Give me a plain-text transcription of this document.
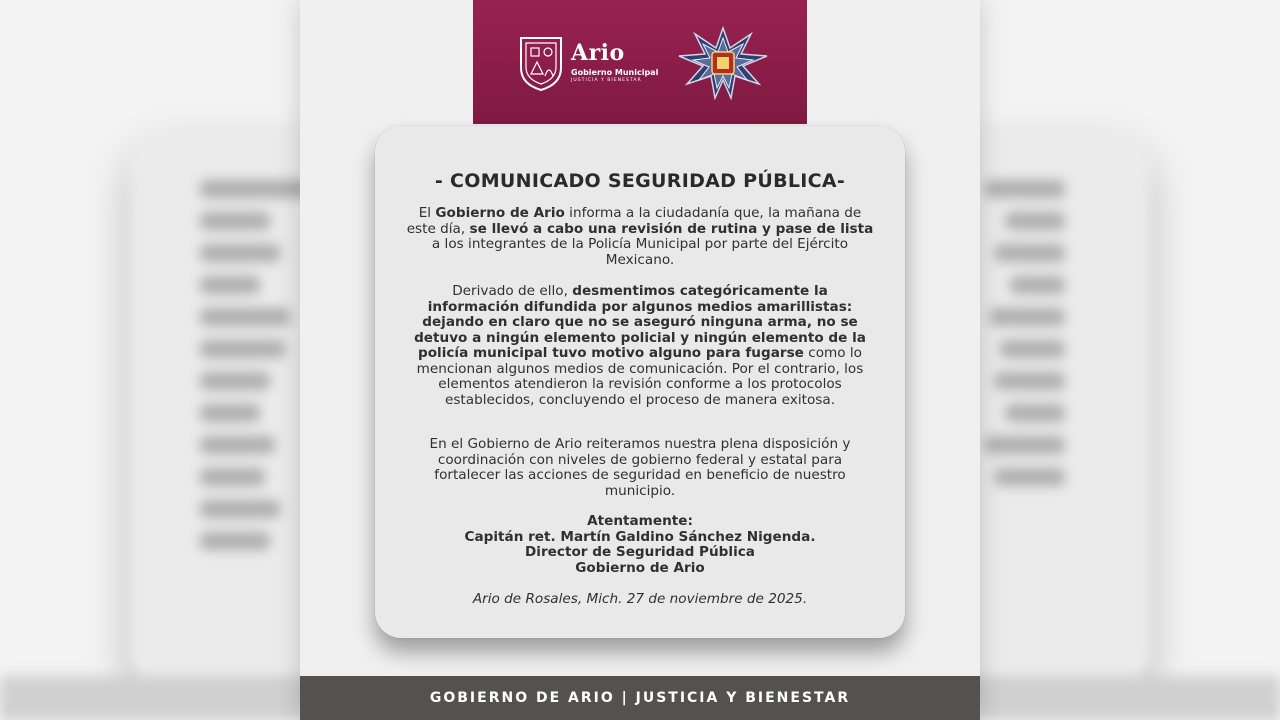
Ario
Gobierno Municipal
JUSTICIA Y BIENESTAR
- COMUNICADO SEGURIDAD PÚBLICA-
El Gobierno de Ario informa a la ciudadanía que, la mañana de este día, se llevó a cabo una revisión de rutina y pase de lista a los integrantes de la Policía Municipal por parte del Ejército Mexicano.
Derivado de ello, desmentimos categóricamente la información difundida por algunos medios amarillistas: dejando en claro que no se aseguró ninguna arma, no se detuvo a ningún elemento policial y ningún elemento de la policía municipal tuvo motivo alguno para fugarse como lo mencionan algunos medios de comunicación. Por el contrario, los elementos atendieron la revisión conforme a los protocolos establecidos, concluyendo el proceso de manera exitosa.
En el Gobierno de Ario reiteramos nuestra plena disposición y coordinación con niveles de gobierno federal y estatal para fortalecer las acciones de seguridad en beneficio de nuestro municipio.
Atentamente:
Capitán ret. Martín Galdino Sánchez Nigenda.
Director de Seguridad Pública
Gobierno de Ario
Ario de Rosales, Mich. 27 de noviembre de 2025.
GOBIERNO DE ARIO | JUSTICIA Y BIENESTAR
